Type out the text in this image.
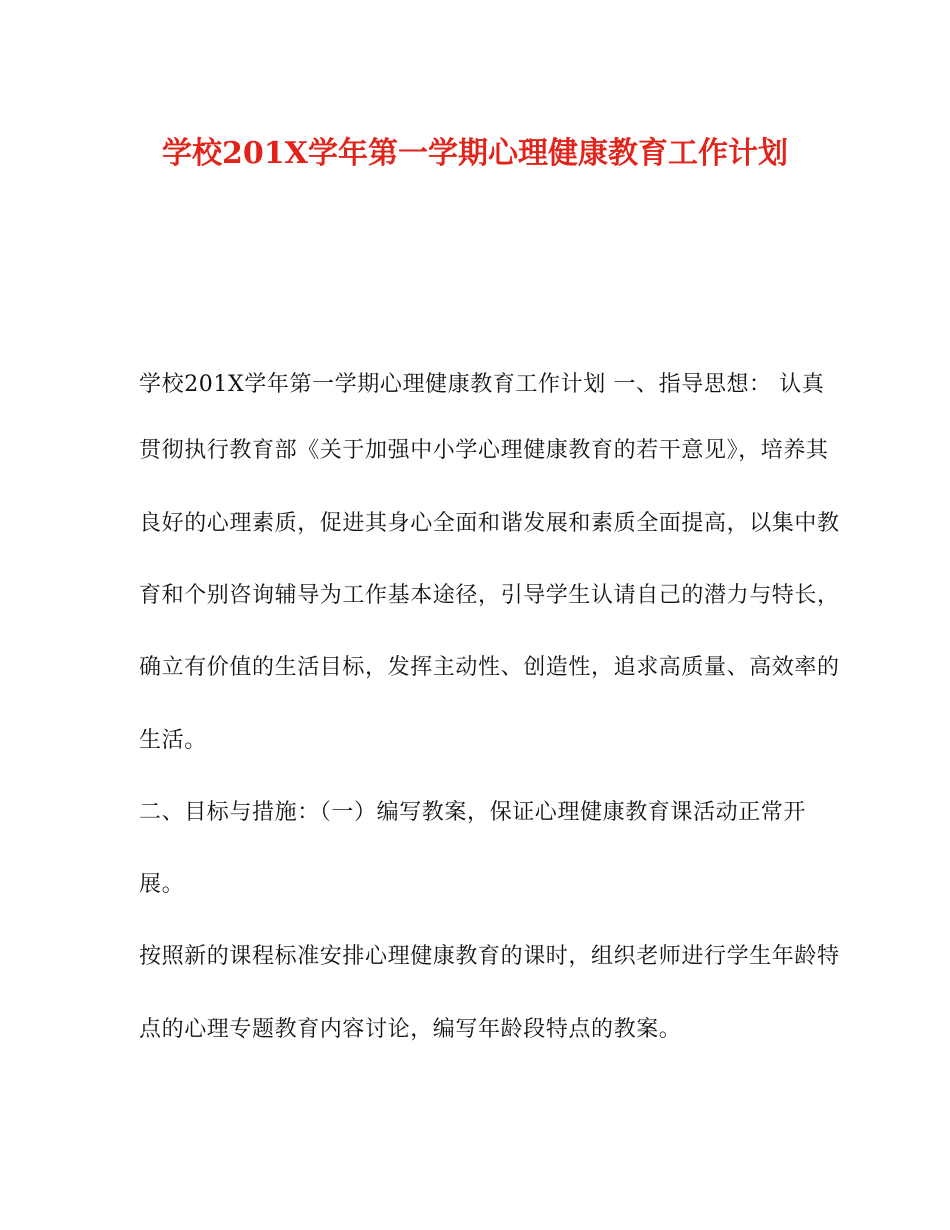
学校201X学年第一学期心理健康教育工作计划
学校201X学年第一学期心理健康教育工作计划 一、指导思想： 认真
贯彻执行教育部《关于加强中小学心理健康教育的若干意见》，培养其
良好的心理素质，促进其身心全面和谐发展和素质全面提高，以集中教
育和个别咨询辅导为工作基本途径，引导学生认请自己的潜力与特长，
确立有价值的生活目标，发挥主动性、创造性，追求高质量、高效率的
生活。
二、目标与措施：（一）编写教案，保证心理健康教育课活动正常开
展。
按照新的课程标准安排心理健康教育的课时，组织老师进行学生年龄特
点的心理专题教育内容讨论，编写年龄段特点的教案。
